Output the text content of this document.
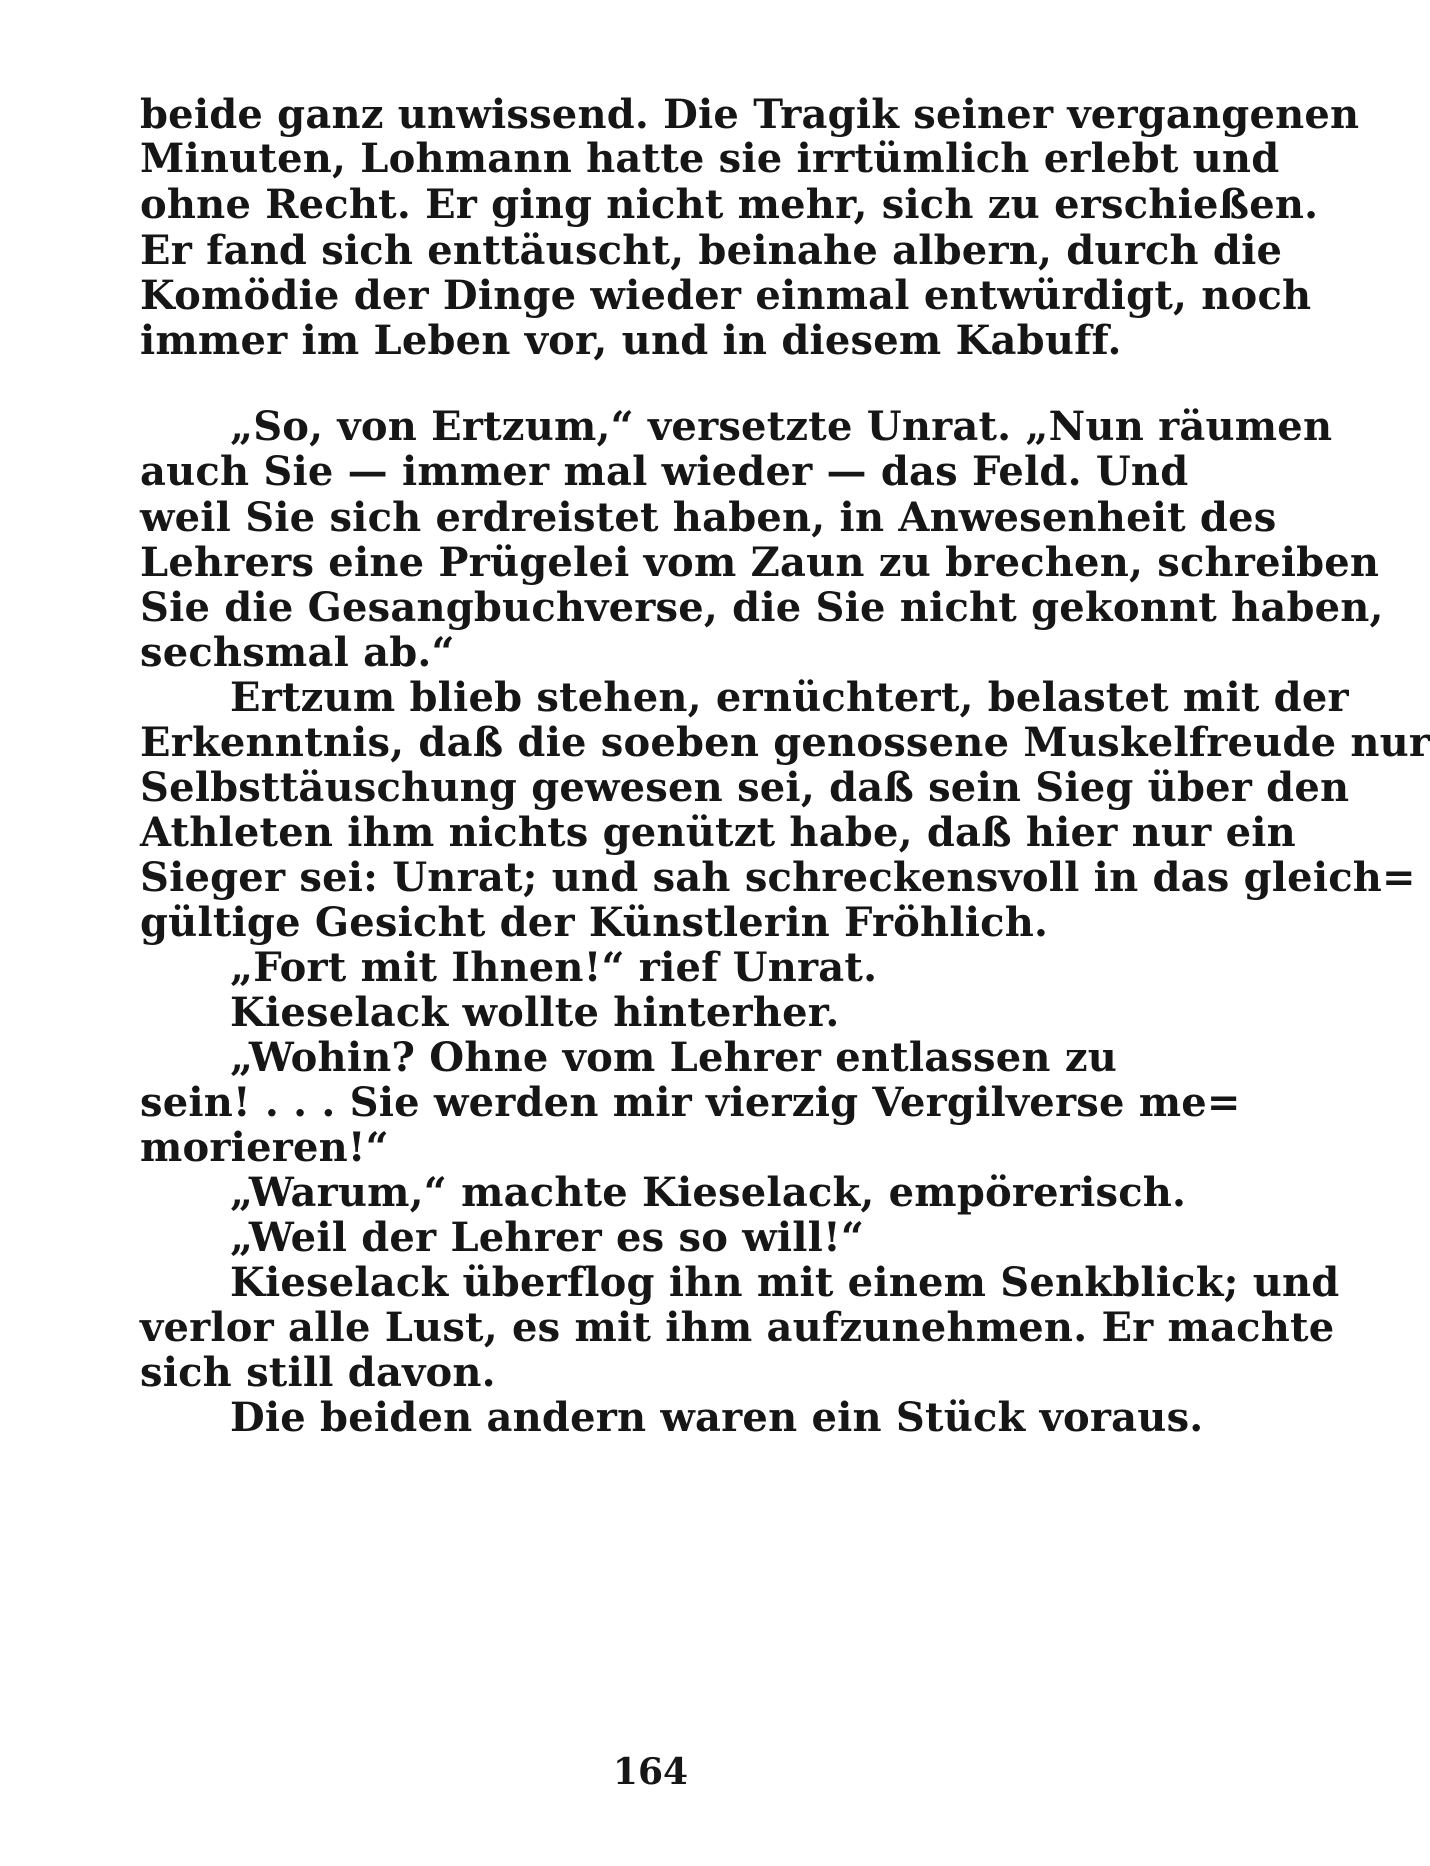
beide ganz unwissend. Die Tragik seiner vergangenen
Minuten, Lohmann hatte sie irrtümlich erlebt und
ohne Recht. Er ging nicht mehr, sich zu erschießen.
Er fand sich enttäuscht, beinahe albern, durch die
Komödie der Dinge wieder einmal entwürdigt, noch
immer im Leben vor, und in diesem Kabuff.
„So, von Ertzum,“ versetzte Unrat. „Nun räumen
auch Sie — immer mal wieder — das Feld. Und
weil Sie sich erdreistet haben, in Anwesenheit des
Lehrers eine Prügelei vom Zaun zu brechen, schreiben
Sie die Gesangbuchverse, die Sie nicht gekonnt haben,
sechsmal ab.“
Ertzum blieb stehen, ernüchtert, belastet mit der
Erkenntnis, daß die soeben genossene Muskelfreude nur
Selbsttäuschung gewesen sei, daß sein Sieg über den
Athleten ihm nichts genützt habe, daß hier nur ein
Sieger sei: Unrat; und sah schreckensvoll in das gleich=
gültige Gesicht der Künstlerin Fröhlich.
„Fort mit Ihnen!“ rief Unrat.
Kieselack wollte hinterher.
„Wohin? Ohne vom Lehrer entlassen zu
sein! . . . Sie werden mir vierzig Vergilverse me=
morieren!“
„Warum,“ machte Kieselack, empörerisch.
„Weil der Lehrer es so will!“
Kieselack überflog ihn mit einem Senkblick; und
verlor alle Lust, es mit ihm aufzunehmen. Er machte
sich still davon.
Die beiden andern waren ein Stück voraus.
164
